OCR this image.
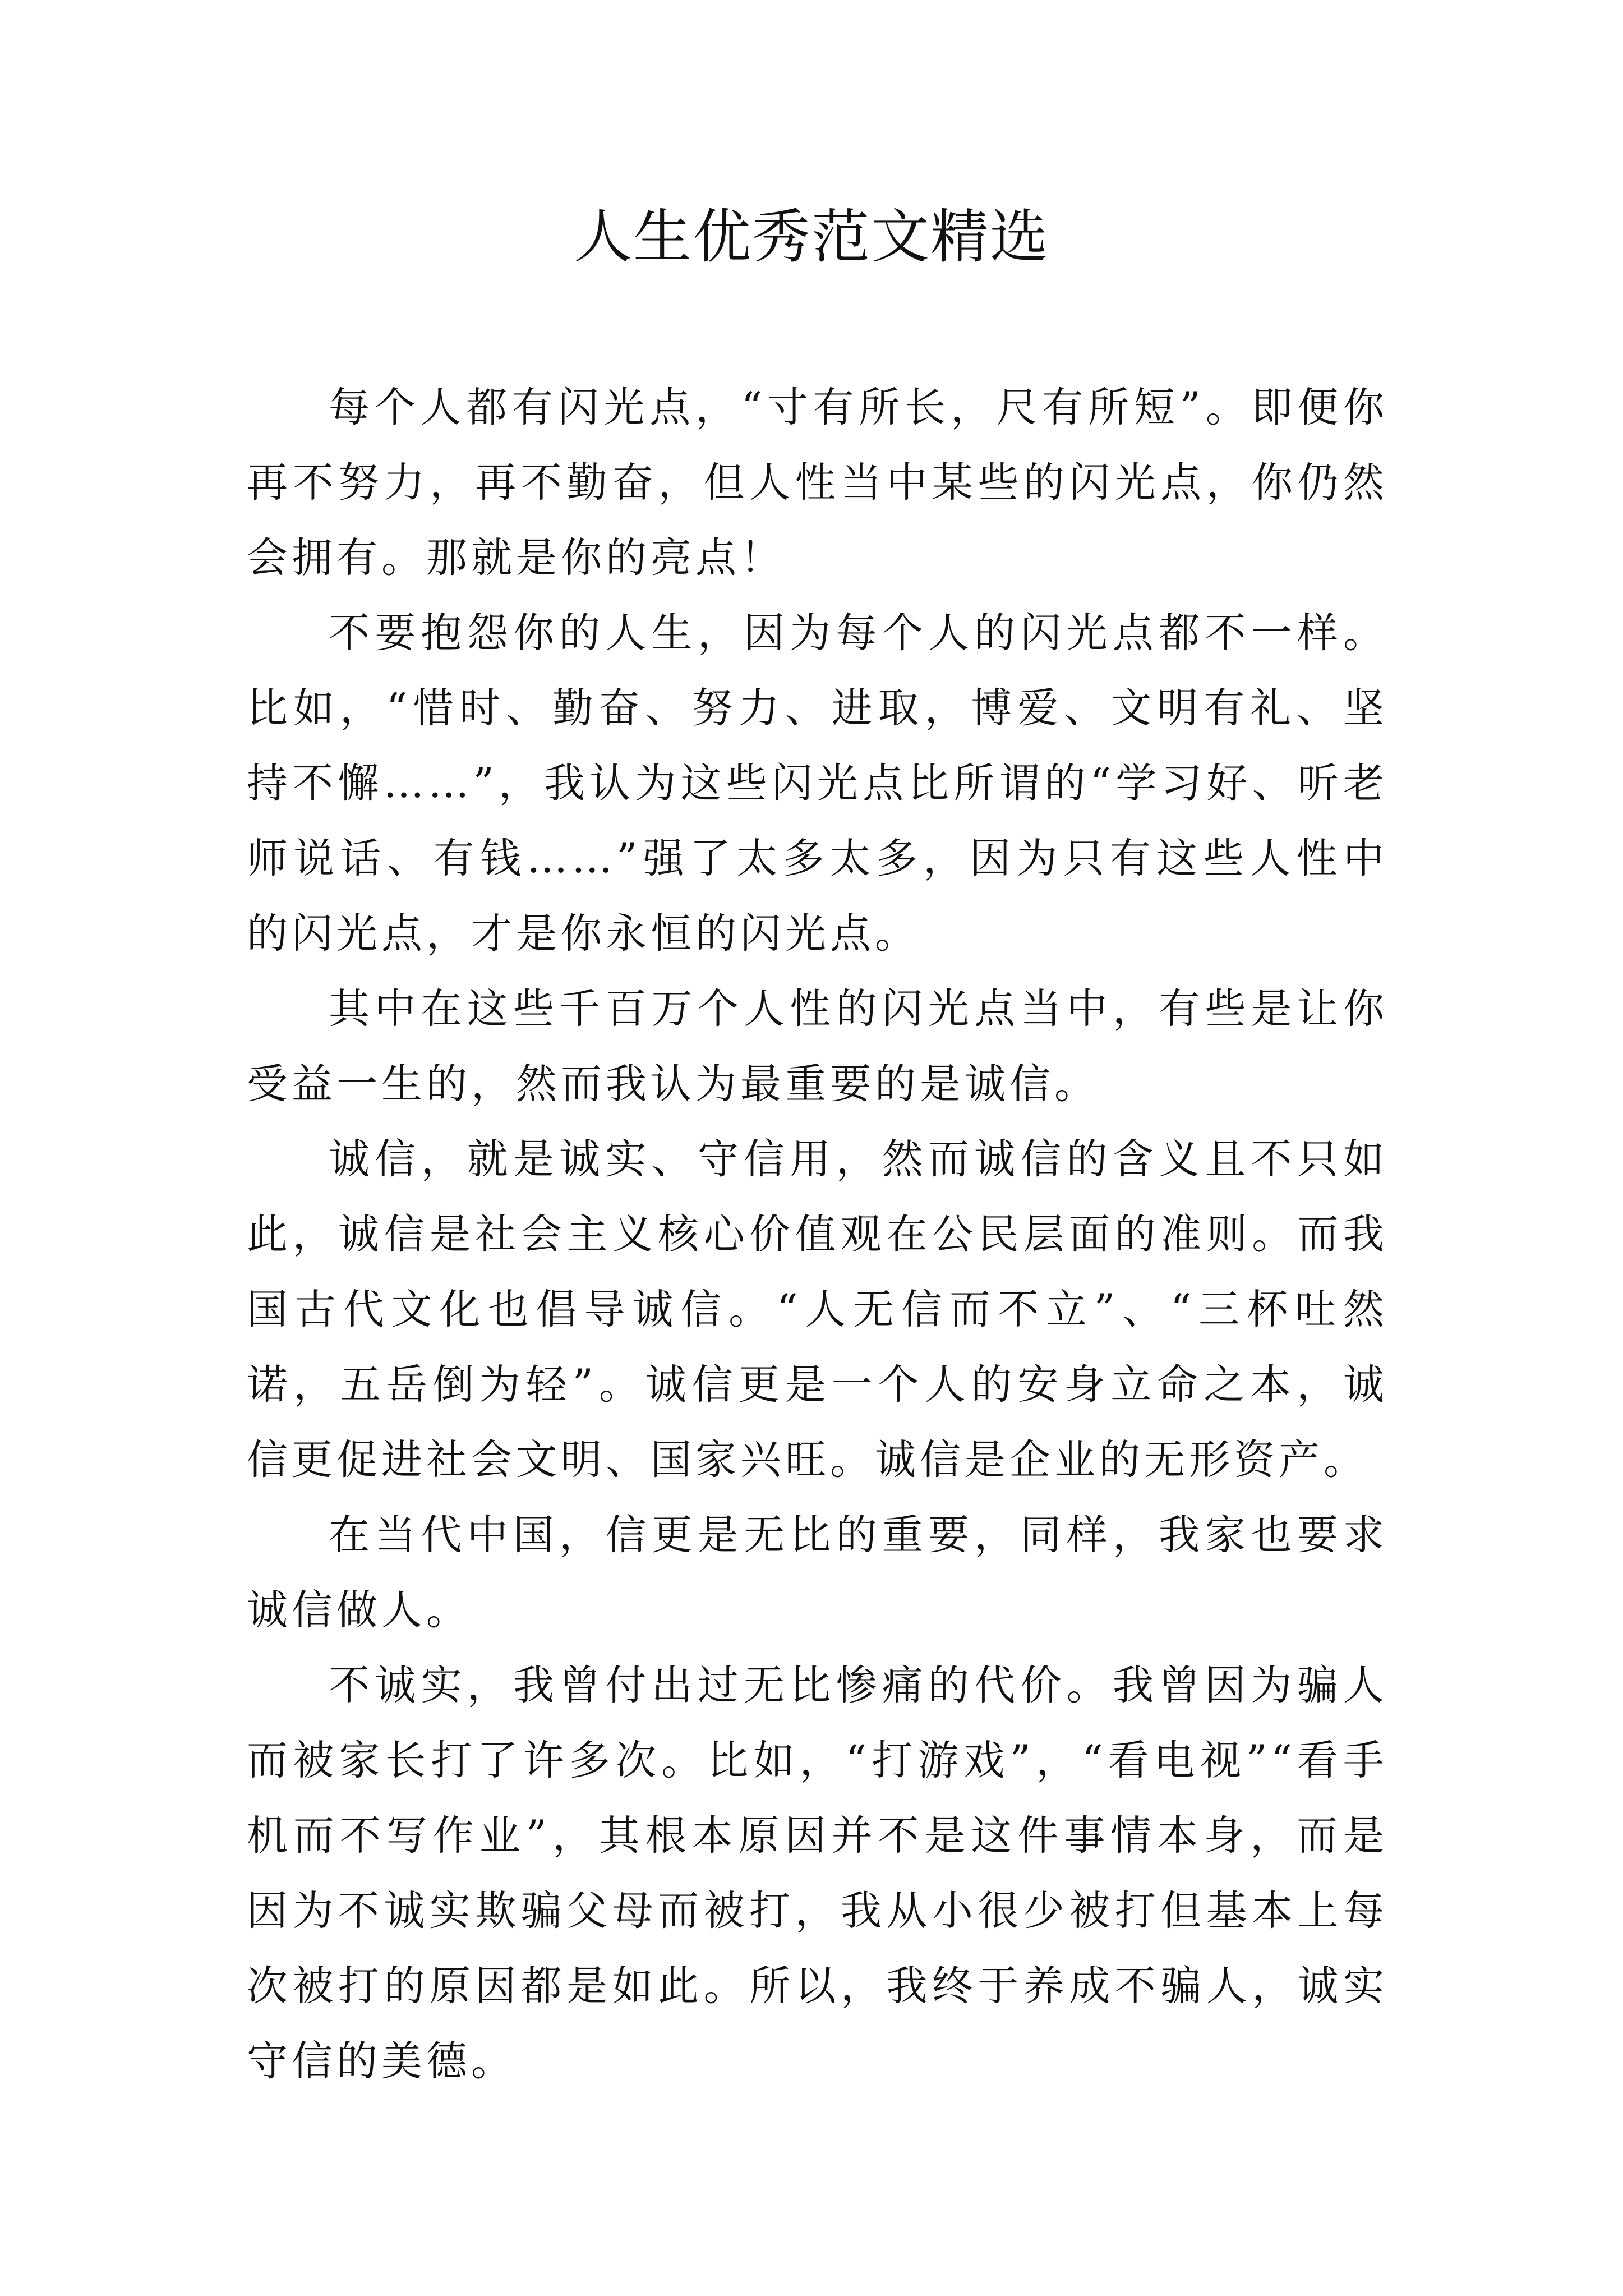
人生优秀范文精选

每个人都有闪光点，“寸有所长，尺有所短”。即便你再不努力，再不勤奋，但人性当中某些的闪光点，你仍然会拥有。那就是你的亮点！

不要抱怨你的人生，因为每个人的闪光点都不一样。比如，“惜时、勤奋、努力、进取，博爱、文明有礼、坚持不懈……”，我认为这些闪光点比所谓的“学习好、听老师说话、有钱……”强了太多太多，因为只有这些人性中的闪光点，才是你永恒的闪光点。

其中在这些千百万个人性的闪光点当中，有些是让你受益一生的，然而我认为最重要的是诚信。

诚信，就是诚实、守信用，然而诚信的含义且不只如此，诚信是社会主义核心价值观在公民层面的准则。而我国古代文化也倡导诚信。“人无信而不立”、“三杯吐然诺，五岳倒为轻”。诚信更是一个人的安身立命之本，诚信更促进社会文明、国家兴旺。诚信是企业的无形资产。

在当代中国，信更是无比的重要，同样，我家也要求诚信做人。

不诚实，我曾付出过无比惨痛的代价。我曾因为骗人而被家长打了许多次。比如，“打游戏”，“看电视”“看手机而不写作业”，其根本原因并不是这件事情本身，而是因为不诚实欺骗父母而被打，我从小很少被打但基本上每次被打的原因都是如此。所以，我终于养成不骗人，诚实守信的美德。
